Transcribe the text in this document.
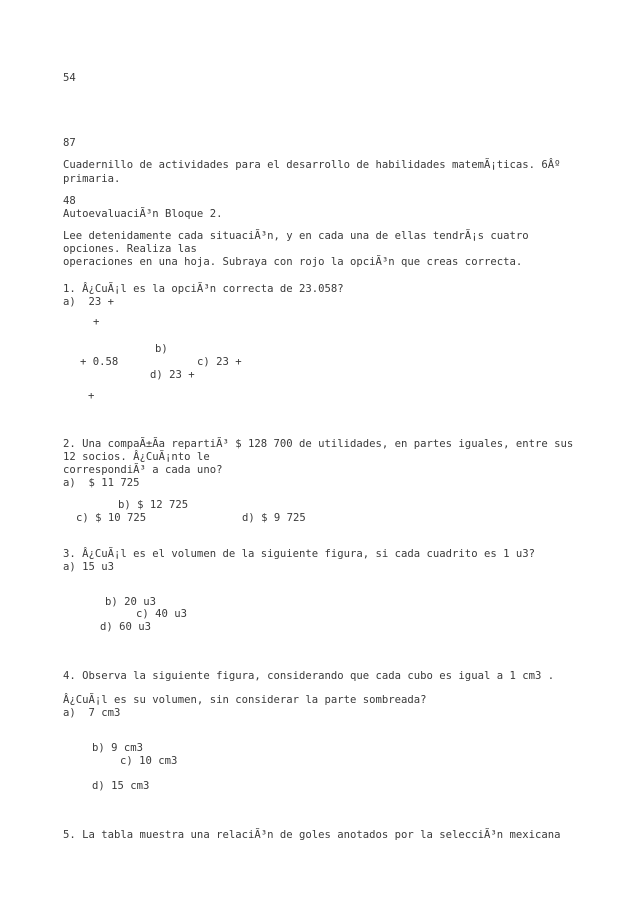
54
87
Cuadernillo de actividades para el desarrollo de habilidades matemÃ¡ticas. 6Âº
primaria.
48
AutoevaluaciÃ³n Bloque 2.
Lee detenidamente cada situaciÃ³n, y en cada una de ellas tendrÃ¡s cuatro
opciones. Realiza las
operaciones en una hoja. Subraya con rojo la opciÃ³n que creas correcta.
1. Â¿CuÃ¡l es la opciÃ³n correcta de 23.058?
a)  23 +
+
b)
+ 0.58	c) 23 +
d) 23 +
+
2. Una compaÃ±Ãa repartiÃ³ $ 128 700 de utilidades, en partes iguales, entre sus
12 socios. Â¿CuÃ¡nto le
correspondiÃ³ a cada uno?
a)  $ 11 725
b) $ 12 725
c) $ 10 725	d) $ 9 725
3. Â¿CuÃ¡l es el volumen de la siguiente figura, si cada cuadrito es 1 u3?
a) 15 u3
b) 20 u3
c) 40 u3
d) 60 u3
4. Observa la siguiente figura, considerando que cada cubo es igual a 1 cm3 .
Â¿CuÃ¡l es su volumen, sin considerar la parte sombreada?
a)  7 cm3
b) 9 cm3
c) 10 cm3
d) 15 cm3
5. La tabla muestra una relaciÃ³n de goles anotados por la selecciÃ³n mexicana
